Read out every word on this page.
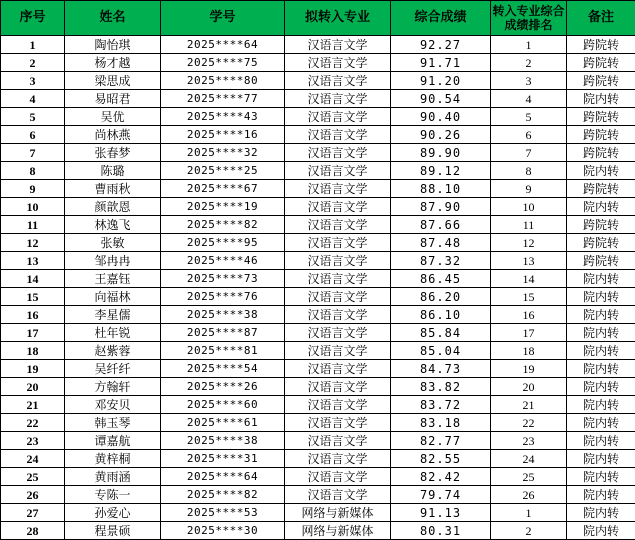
序号	姓名	学号	拟转入专业	综合成绩	转入专业综合成绩排名	备注
1	陶怡琪	2025****64	汉语言文学	92.27	1	跨院转
2	杨才越	2025****75	汉语言文学	91.71	2	跨院转
3	梁思成	2025****80	汉语言文学	91.20	3	跨院转
4	易昭君	2025****77	汉语言文学	90.54	4	院内转
5	吴优	2025****43	汉语言文学	90.40	5	跨院转
6	尚林燕	2025****16	汉语言文学	90.26	6	跨院转
7	张春梦	2025****32	汉语言文学	89.90	7	跨院转
8	陈璐	2025****25	汉语言文学	89.12	8	院内转
9	曹雨秋	2025****67	汉语言文学	88.10	9	跨院转
10	颜歆恩	2025****19	汉语言文学	87.90	10	院内转
11	林逸飞	2025****82	汉语言文学	87.66	11	跨院转
12	张敏	2025****95	汉语言文学	87.48	12	跨院转
13	邹冉冉	2025****46	汉语言文学	87.32	13	跨院转
14	王嘉钰	2025****73	汉语言文学	86.45	14	院内转
15	向福林	2025****76	汉语言文学	86.20	15	院内转
16	李星儒	2025****38	汉语言文学	86.10	16	院内转
17	杜年锐	2025****87	汉语言文学	85.84	17	院内转
18	赵紫蓉	2025****81	汉语言文学	85.04	18	院内转
19	吴纤纤	2025****54	汉语言文学	84.73	19	院内转
20	方翰轩	2025****26	汉语言文学	83.82	20	院内转
21	邓安贝	2025****60	汉语言文学	83.72	21	院内转
22	韩玉琴	2025****61	汉语言文学	83.18	22	院内转
23	谭嘉航	2025****38	汉语言文学	82.77	23	院内转
24	黄梓桐	2025****31	汉语言文学	82.55	24	院内转
25	黄雨涵	2025****64	汉语言文学	82.42	25	院内转
26	专陈一	2025****82	汉语言文学	79.74	26	院内转
27	孙爱心	2025****53	网络与新媒体	91.13	1	院内转
28	程景硕	2025****30	网络与新媒体	80.31	2	院内转
